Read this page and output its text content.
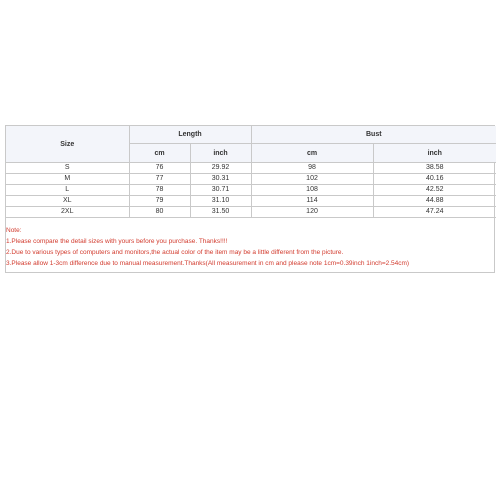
Size	Length		Bust	
	cm	inch	cm	inch
S	76	29.92	98	38.58
M	77	30.31	102	40.16
L	78	30.71	108	42.52
XL	79	31.10	114	44.88
2XL	80	31.50	120	47.24
Note:
1.Please compare the detail sizes with yours before you purchase. Thanks!!!!
2.Due to various types of computers and monitors,the actual color of the item may be a little different from the picture.
3.Please allow 1-3cm difference due to manual measurement.Thanks(All measurement in cm and please note 1cm=0.39inch 1inch=2.54cm)
